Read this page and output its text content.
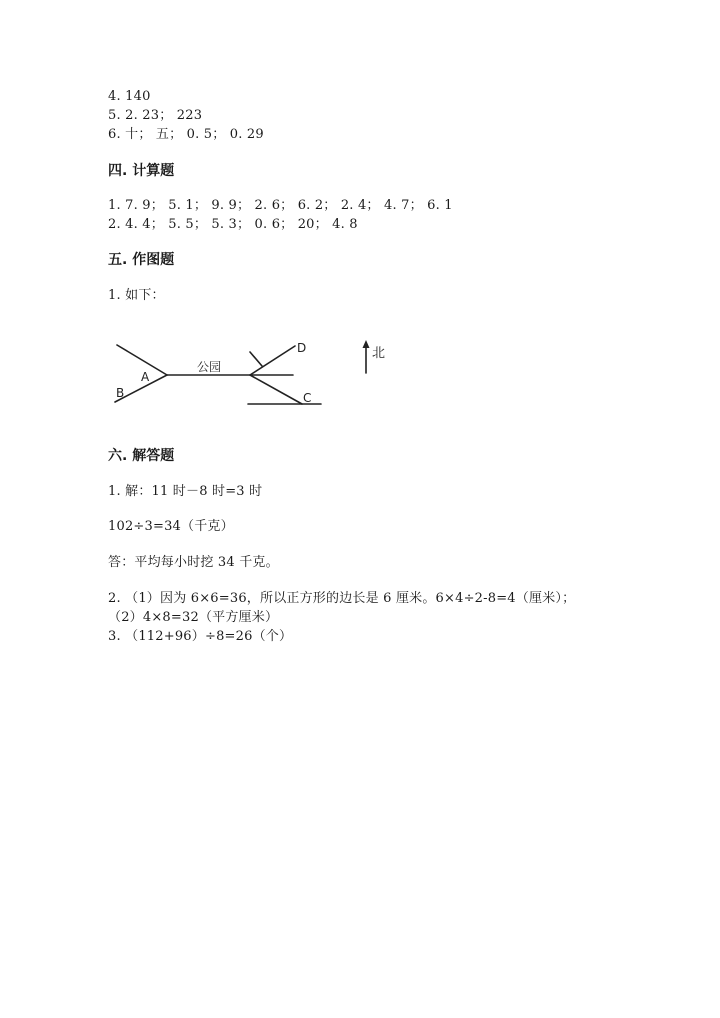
4. 140
5. 2. 23； 223
6. 十； 五； 0. 5； 0. 29
四. 计算题
1. 7. 9； 5. 1； 9. 9； 2. 6； 6. 2； 2. 4； 4. 7； 6. 1
2. 4. 4； 5. 5； 5. 3； 0. 6； 20； 4. 8
五. 作图题
1. 如下：
A
B
公园
D
C
北
六. 解答题
1. 解：11 时－8 时=3 时
102÷3=34（千克）
答：平均每小时挖 34 千克。
2. （1）因为 6×6=36，所以正方形的边长是 6 厘米。6×4÷2-8=4（厘米）；
（2）4×8=32（平方厘米）
3. （112+96）÷8=26（个）
